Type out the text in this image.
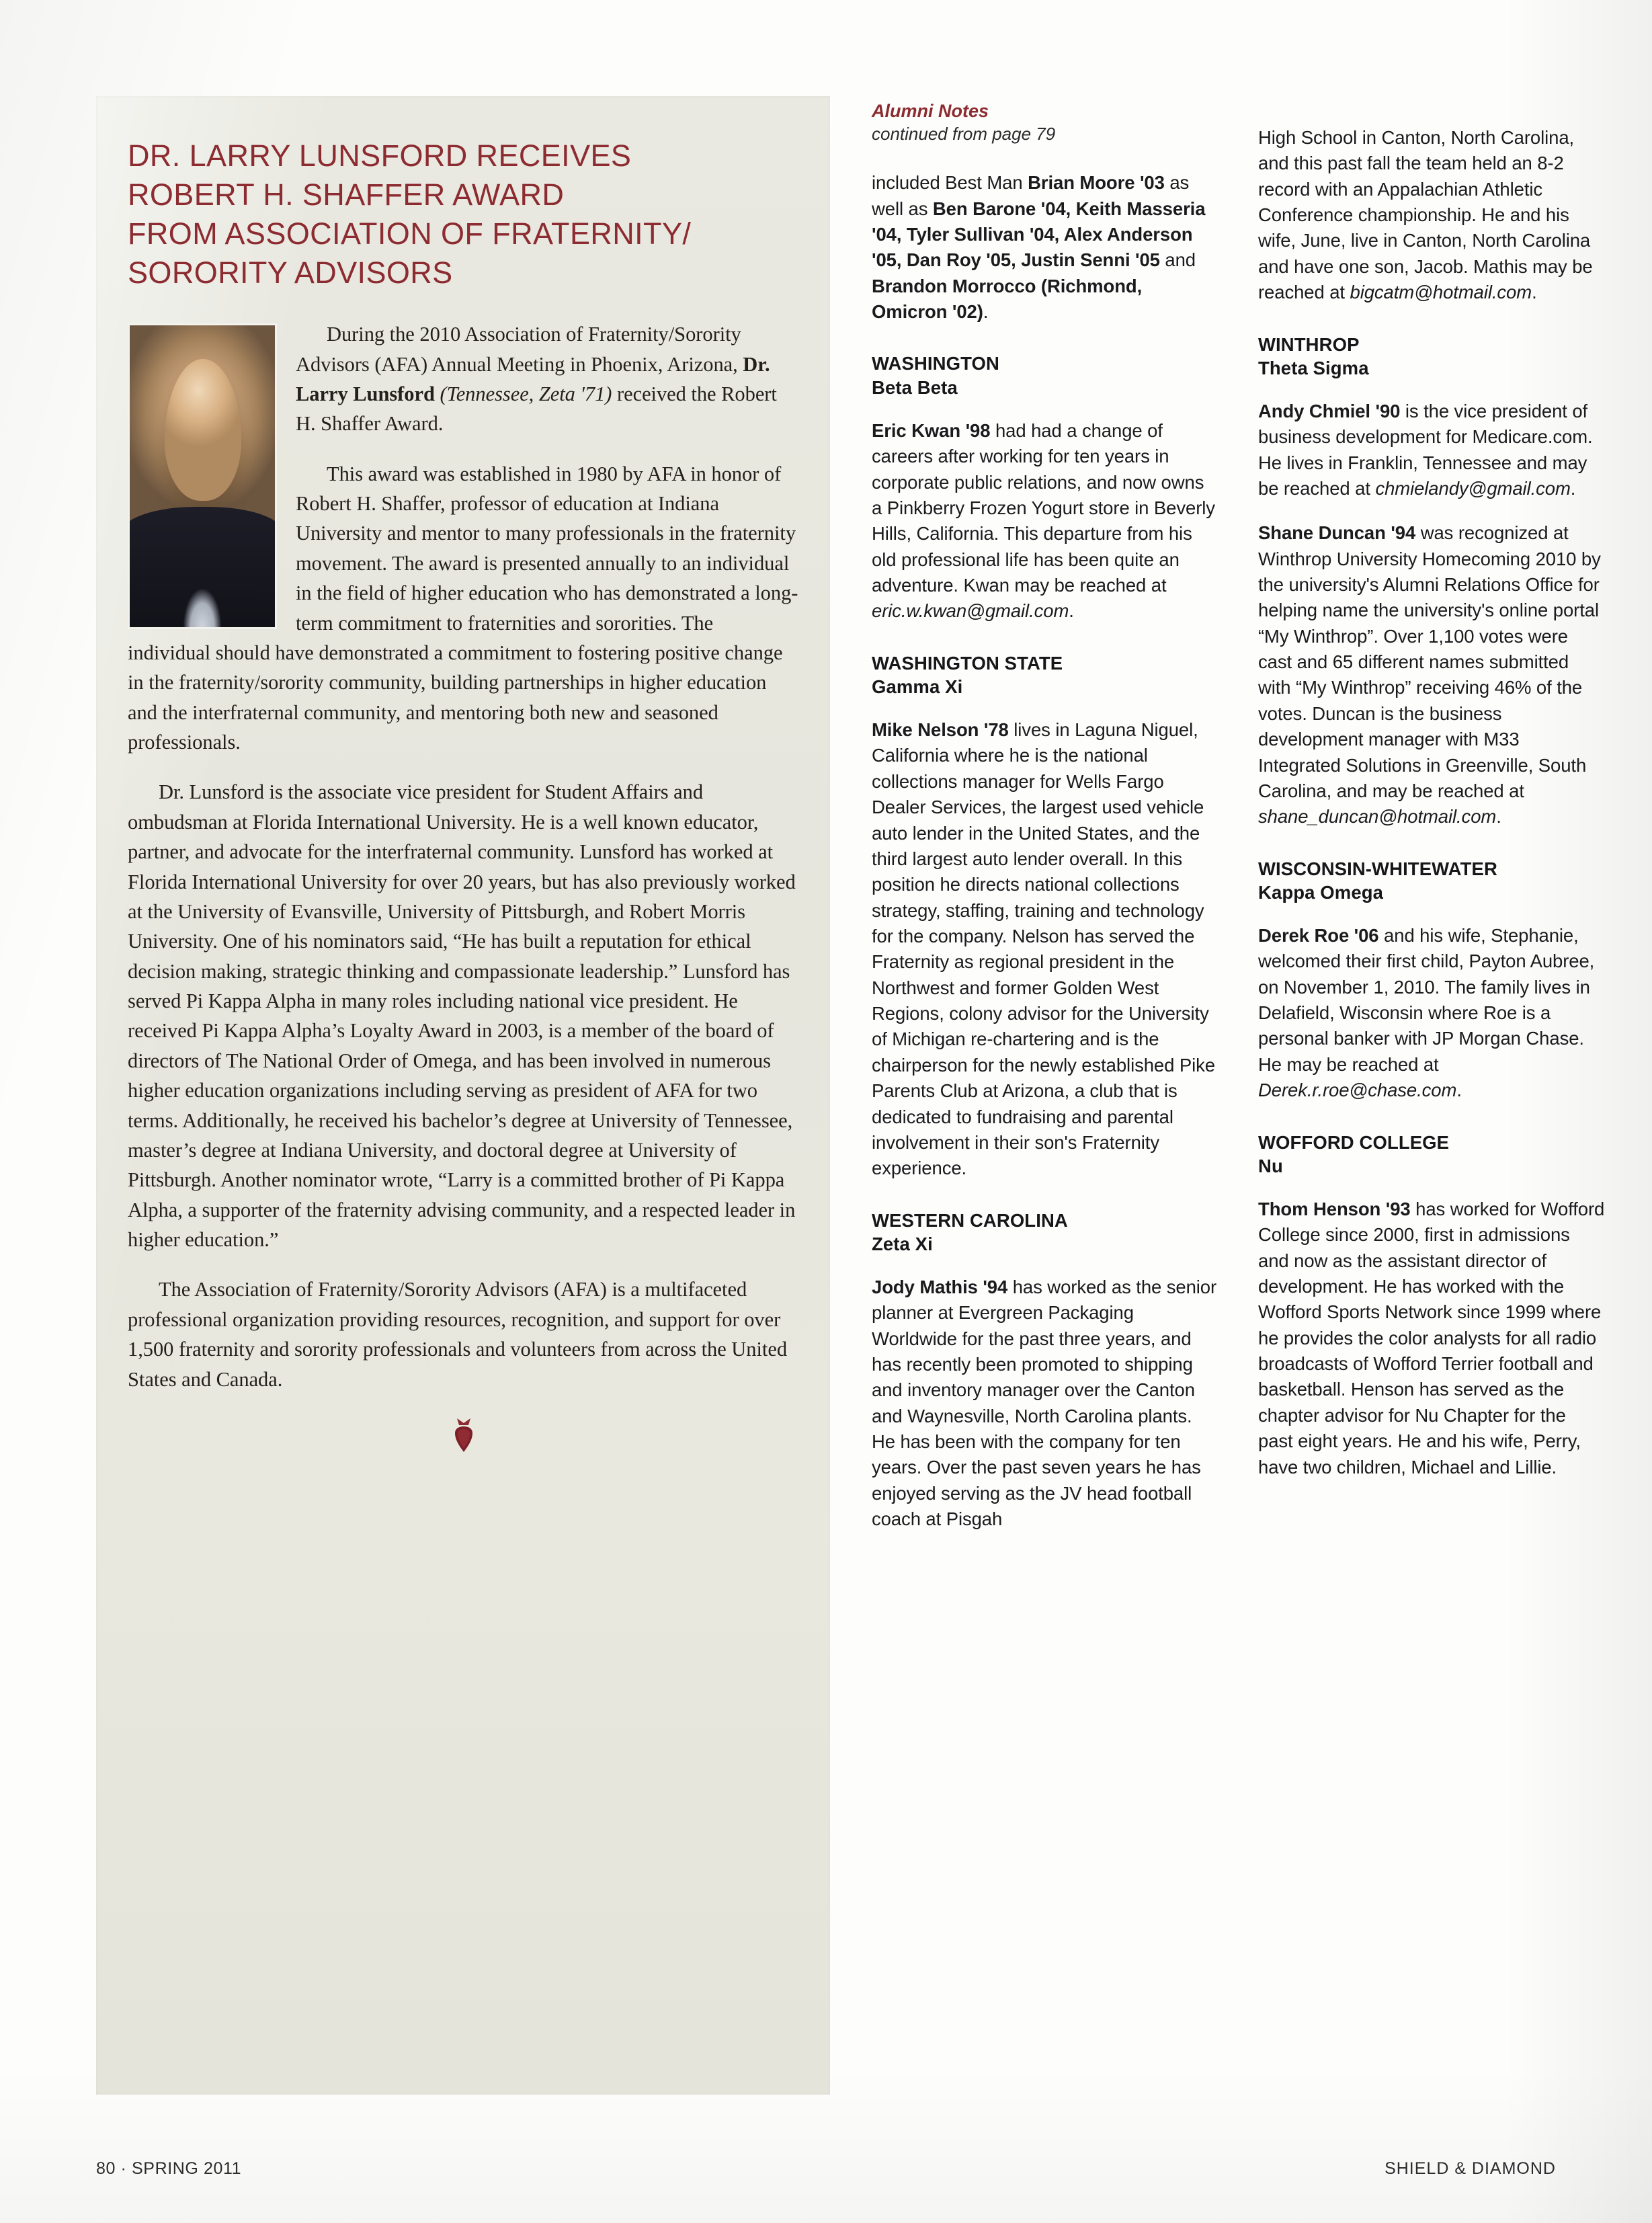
DR. LARRY LUNSFORD RECEIVES
ROBERT H. SHAFFER AWARD
FROM ASSOCIATION OF FRATERNITY/
SORORITY ADVISORS

During the 2010 Association of Fraternity/Sorority Advisors (AFA) Annual Meeting in Phoenix, Arizona, Dr. Larry Lunsford (Tennessee, Zeta '71) received the Robert H. Shaffer Award.

This award was established in 1980 by AFA in honor of Robert H. Shaffer, professor of education at Indiana University and mentor to many professionals in the fraternity movement. The award is presented annually to an individual in the field of higher education who has demonstrated a long-term commitment to fraternities and sororities. The individual should have demonstrated a commitment to fostering positive change in the fraternity/sorority community, building partnerships in higher education and the interfraternal community, and mentoring both new and seasoned professionals.

Dr. Lunsford is the associate vice president for Student Affairs and ombudsman at Florida International University. He is a well known educator, partner, and advocate for the interfraternal community. Lunsford has worked at Florida International University for over 20 years, but has also previously worked at the University of Evansville, University of Pittsburgh, and Robert Morris University. One of his nominators said, “He has built a reputation for ethical decision making, strategic thinking and compassionate leadership.” Lunsford has served Pi Kappa Alpha in many roles including national vice president. He received Pi Kappa Alpha’s Loyalty Award in 2003, is a member of the board of directors of The National Order of Omega, and has been involved in numerous higher education organizations including serving as president of AFA for two terms. Additionally, he received his bachelor’s degree at University of Tennessee, master’s degree at Indiana University, and doctoral degree at University of Pittsburgh. Another nominator wrote, “Larry is a committed brother of Pi Kappa Alpha, a supporter of the fraternity advising community, and a respected leader in higher education.”

The Association of Fraternity/Sorority Advisors (AFA) is a multifaceted professional organization providing resources, recognition, and support for over 1,500 fraternity and sorority professionals and volunteers from across the United States and Canada.

Alumni Notes

continued from page 79

included Best Man Brian Moore '03 as well as Ben Barone '04, Keith Masseria '04, Tyler Sullivan '04, Alex Anderson '05, Dan Roy '05, Justin Senni '05 and Brandon Morrocco (Richmond, Omicron '02).

WASHINGTON
Beta Beta

Eric Kwan '98 had had a change of careers after working for ten years in corporate public relations, and now owns a Pinkberry Frozen Yogurt store in Beverly Hills, California. This departure from his old professional life has been quite an adventure. Kwan may be reached at eric.w.kwan@gmail.com.

WASHINGTON STATE
Gamma Xi

Mike Nelson '78 lives in Laguna Niguel, California where he is the national collections manager for Wells Fargo Dealer Services, the largest used vehicle auto lender in the United States, and the third largest auto lender overall. In this position he directs national collections strategy, staffing, training and technology for the company. Nelson has served the Fraternity as regional president in the Northwest and former Golden West Regions, colony advisor for the University of Michigan re-chartering and is the chairperson for the newly established Pike Parents Club at Arizona, a club that is dedicated to fundraising and parental involvement in their son's Fraternity experience.

WESTERN CAROLINA
Zeta Xi

Jody Mathis '94 has worked as the senior planner at Evergreen Packaging Worldwide for the past three years, and has recently been promoted to shipping and inventory manager over the Canton and Waynesville, North Carolina plants. He has been with the company for ten years. Over the past seven years he has enjoyed serving as the JV head football coach at Pisgah

High School in Canton, North Carolina, and this past fall the team held an 8-2 record with an Appalachian Athletic Conference championship. He and his wife, June, live in Canton, North Carolina and have one son, Jacob. Mathis may be reached at bigcatm@hotmail.com.

WINTHROP
Theta Sigma

Andy Chmiel '90 is the vice president of business development for Medicare.com. He lives in Franklin, Tennessee and may be reached at chmielandy@gmail.com.

Shane Duncan '94 was recognized at Winthrop University Homecoming 2010 by the university's Alumni Relations Office for helping name the university's online portal “My Winthrop”. Over 1,100 votes were cast and 65 different names submitted with “My Winthrop” receiving 46% of the votes. Duncan is the business development manager with M33 Integrated Solutions in Greenville, South Carolina, and may be reached at shane_duncan@hotmail.com.

WISCONSIN-WHITEWATER
Kappa Omega

Derek Roe '06 and his wife, Stephanie, welcomed their first child, Payton Aubree, on November 1, 2010. The family lives in Delafield, Wisconsin where Roe is a personal banker with JP Morgan Chase. He may be reached at Derek.r.roe@chase.com.

WOFFORD COLLEGE
Nu

Thom Henson '93 has worked for Wofford College since 2000, first in admissions and now as the assistant director of development. He has worked with the Wofford Sports Network since 1999 where he provides the color analysts for all radio broadcasts of Wofford Terrier football and basketball. Henson has served as the chapter advisor for Nu Chapter for the past eight years. He and his wife, Perry, have two children, Michael and Lillie.

80 · SPRING 2011	SHIELD & DIAMOND
